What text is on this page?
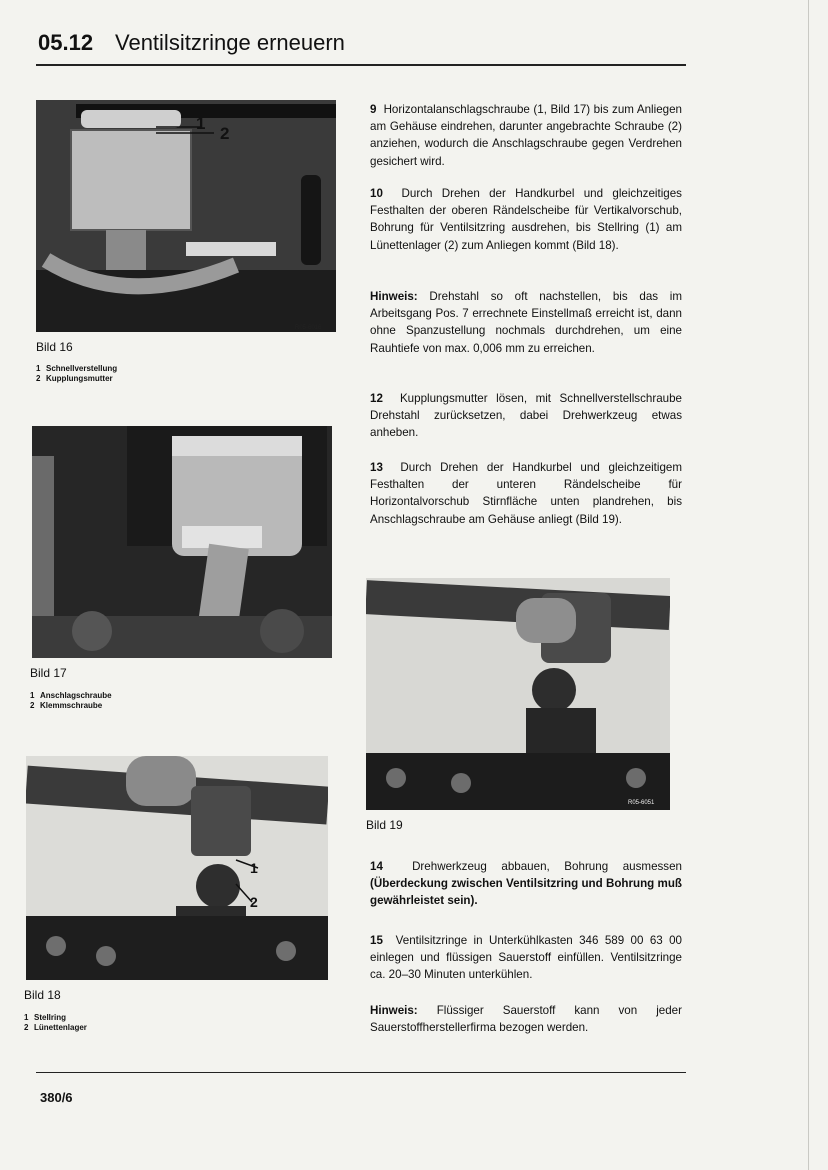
05.12 Ventilsitzringe erneuern
1
2
R05-6016
Bild 16
1 Schnellverstellung
2 Kupplungsmutter
Bild 17
1 Anschlagschraube
2 Klemmschraube
1
2
Bild 18
1 Stellring
2 Lünettenlager
R05-6051
Bild 19
9 Horizontalanschlagschraube (1, Bild 17) bis zum Anliegen am Gehäuse eindrehen, darunter angebrachte Schraube (2) anziehen, wodurch die Anschlagschraube gegen Verdrehen gesichert wird.
10 Durch Drehen der Handkurbel und gleichzeitiges Festhalten der oberen Rändelscheibe für Vertikalvorschub, Bohrung für Ventilsitzring ausdrehen, bis Stellring (1) am Lünettenlager (2) zum Anliegen kommt (Bild 18).
Hinweis: Drehstahl so oft nachstellen, bis das im Arbeitsgang Pos. 7 errechnete Einstellmaß erreicht ist, dann ohne Spanzustellung nochmals durchdrehen, um eine Rauhtiefe von max. 0,006 mm zu erreichen.
12 Kupplungsmutter lösen, mit Schnellverstellschraube Drehstahl zurücksetzen, dabei Drehwerkzeug etwas anheben.
13 Durch Drehen der Handkurbel und gleichzeitigem Festhalten der unteren Rändelscheibe für Horizontalvorschub Stirnfläche unten plandrehen, bis Anschlagschraube am Gehäuse anliegt (Bild 19).
14	Drehwerkzeug abbauen, Bohrung ausmessen (Überdeckung zwischen Ventilsitzring und Bohrung muß gewährleistet sein).
15 Ventilsitzringe in Unterkühlkasten 346 589 00 63 00 einlegen und flüssigen Sauerstoff einfüllen. Ventilsitzringe ca. 20–30 Minuten unterkühlen.
Hinweis: Flüssiger Sauerstoff kann von jeder Sauerstoffherstellerfirma bezogen werden.
380/6
